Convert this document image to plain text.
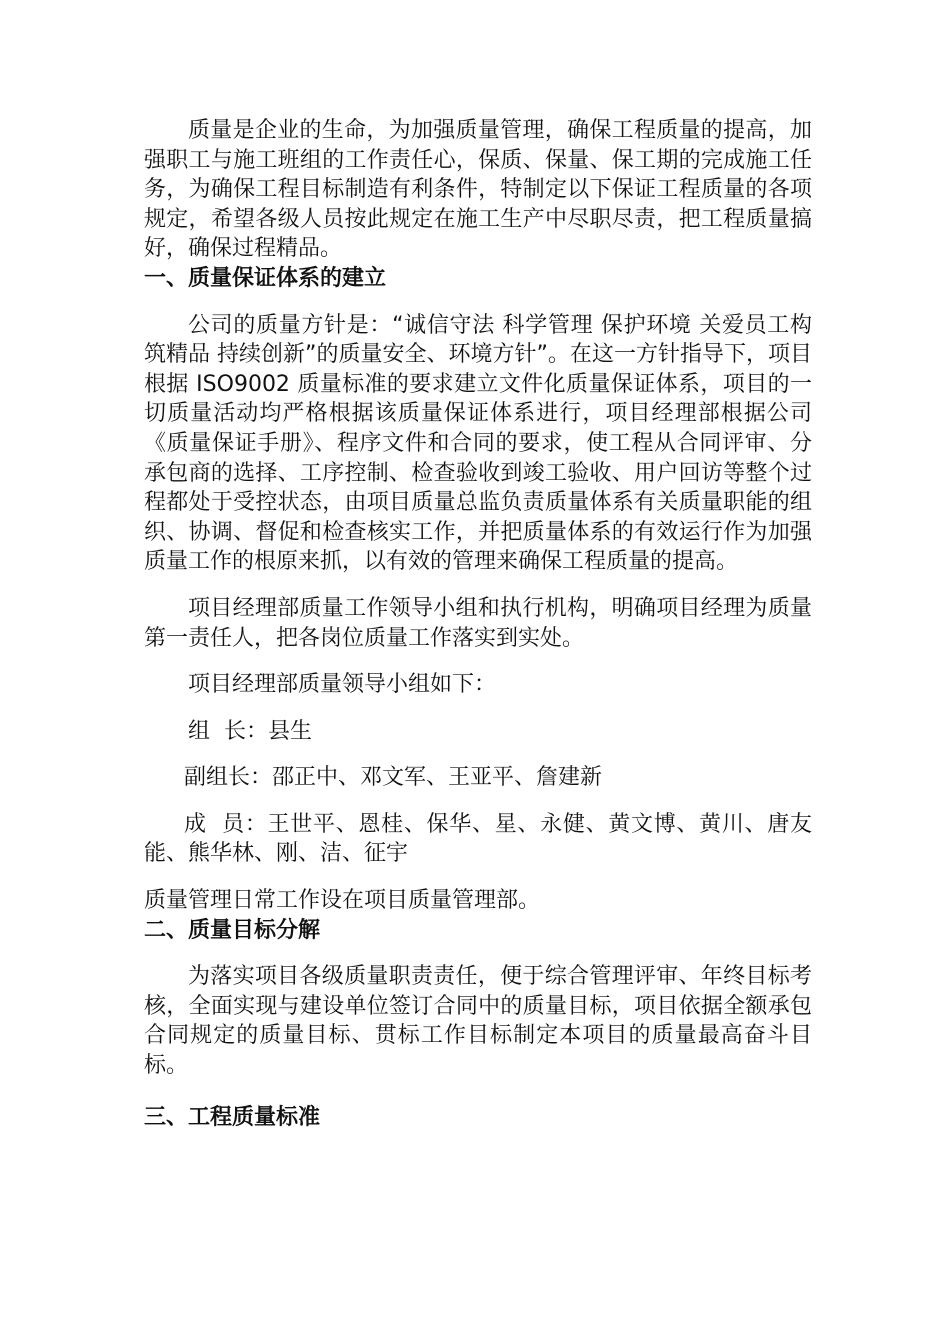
质量是企业的生命，为加强质量管理，确保工程质量的提高，加强职工与施工班组的工作责任心，保质、保量、保工期的完成施工任务，为确保工程目标制造有利条件，特制定以下保证工程质量的各项规定，希望各级人员按此规定在施工生产中尽职尽责，把工程质量搞好，确保过程精品。

一、质量保证体系的建立

公司的质量方针是：“诚信守法 科学管理 保护环境 关爱员工构筑精品 持续创新”的质量安全、环境方针”。在这一方针指导下，项目根据 ISO9002 质量标准的要求建立文件化质量保证体系，项目的一切质量活动均严格根据该质量保证体系进行，项目经理部根据公司《质量保证手册》、程序文件和合同的要求，使工程从合同评审、分承包商的选择、工序控制、检查验收到竣工验收、用户回访等整个过程都处于受控状态，由项目质量总监负责质量体系有关质量职能的组织、协调、督促和检查核实工作，并把质量体系的有效运行作为加强质量工作的根原来抓，以有效的管理来确保工程质量的提高。

项目经理部质量工作领导小组和执行机构，明确项目经理为质量第一责任人，把各岗位质量工作落实到实处。

项目经理部质量领导小组如下：

组  长：县生

副组长：邵正中、邓文军、王亚平、詹建新

成  员：王世平、恩桂、保华、星、永健、黄文博、黄川、唐友能、熊华林、刚、洁、征宇

质量管理日常工作设在项目质量管理部。

二、质量目标分解

为落实项目各级质量职责责任，便于综合管理评审、年终目标考核，全面实现与建设单位签订合同中的质量目标，项目依据全额承包合同规定的质量目标、贯标工作目标制定本项目的质量最高奋斗目标。

三、工程质量标准
